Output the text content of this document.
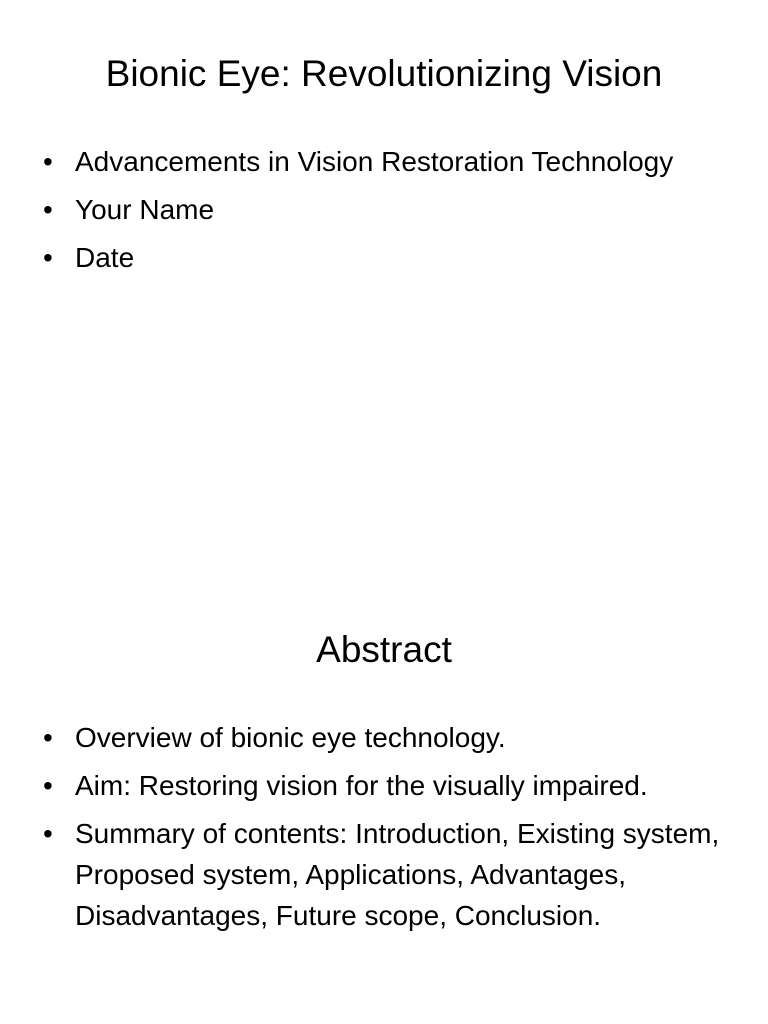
Bionic Eye: Revolutionizing Vision
• Advancements in Vision Restoration Technology
• Your Name
• Date
Abstract
• Overview of bionic eye technology.
• Aim: Restoring vision for the visually impaired.
• Summary of contents: Introduction, Existing system, Proposed system, Applications, Advantages, Disadvantages, Future scope, Conclusion.
